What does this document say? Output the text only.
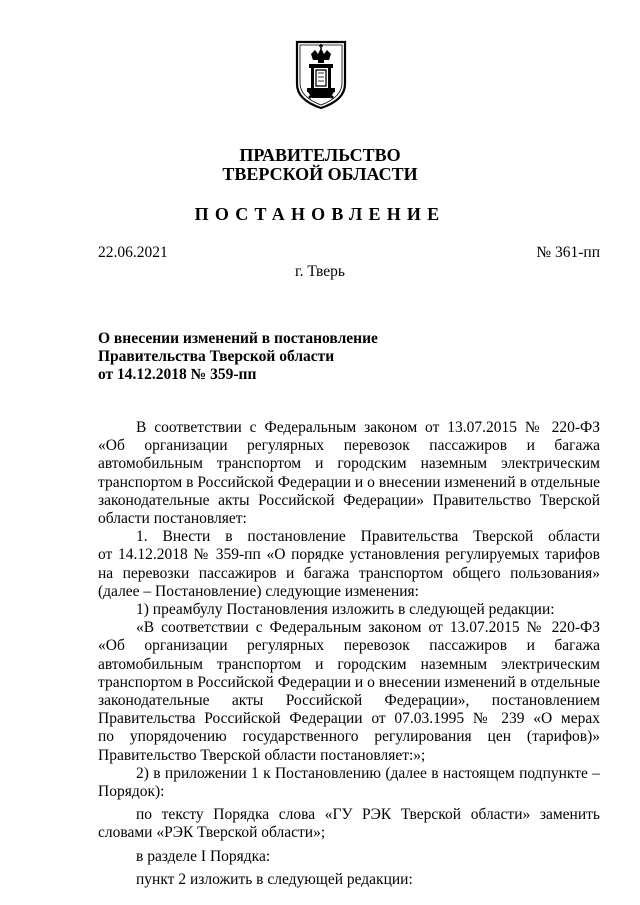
ПРАВИТЕЛЬСТВО
ТВЕРСКОЙ ОБЛАСТИ
ПОСТАНОВЛЕНИЕ
22.06.2021	№ 361-пп
г. Тверь
О внесении изменений в постановление
Правительства Тверской области
от 14.12.2018 № 359-пп

В соответствии с Федеральным законом от 13.07.2015 № 220-ФЗ

«Об организации регулярных перевозок пассажиров и багажа

автомобильным транспортом и городским наземным электрическим

транспортом в Российской Федерации и о внесении изменений в отдельные

законодательные акты Российской Федерации» Правительство Тверской

области постановляет:

1. Внести в постановление Правительства Тверской области

от 14.12.2018 № 359-пп «О порядке установления регулируемых тарифов

на перевозки пассажиров и багажа транспортом общего пользования»

(далее – Постановление) следующие изменения:

1) преамбулу Постановления изложить в следующей редакции:

«В соответствии с Федеральным законом от 13.07.2015 № 220-ФЗ

«Об организации регулярных перевозок пассажиров и багажа

автомобильным транспортом и городским наземным электрическим

транспортом в Российской Федерации и о внесении изменений в отдельные

законодательные акты Российской Федерации», постановлением

Правительства Российской Федерации от 07.03.1995 № 239 «О мерах

по упорядочению государственного регулирования цен (тарифов)»

Правительство Тверской области постановляет:»;

2) в приложении 1 к Постановлению (далее в настоящем подпункте –

Порядок):

по тексту Порядка слова «ГУ РЭК Тверской области» заменить

словами «РЭК Тверской области»;

в разделе I Порядка:

пункт 2 изложить в следующей редакции:
